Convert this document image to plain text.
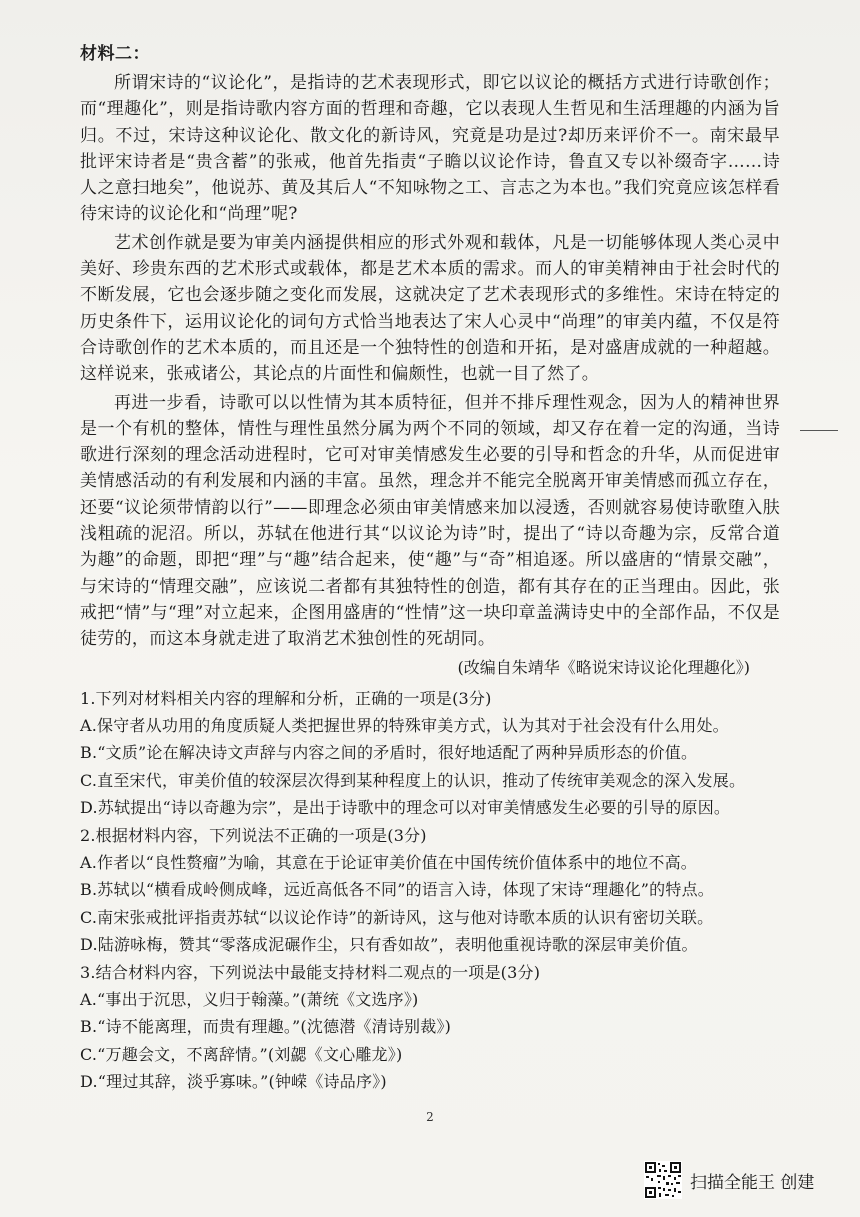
材料二：

所谓宋诗的“议论化”，是指诗的艺术表现形式，即它以议论的概括方式进行诗歌创作；而“理趣化”，则是指诗歌内容方面的哲理和奇趣，它以表现人生哲见和生活理趣的内涵为旨归。不过，宋诗这种议论化、散文化的新诗风，究竟是功是过?却历来评价不一。南宋最早批评宋诗者是“贵含蓄”的张戒，他首先指责“子瞻以议论作诗，鲁直又专以补缀奇字……诗人之意扫地矣”，他说苏、黄及其后人“不知咏物之工、言志之为本也。”我们究竟应该怎样看待宋诗的议论化和“尚理”呢?

艺术创作就是要为审美内涵提供相应的形式外观和载体，凡是一切能够体现人类心灵中美好、珍贵东西的艺术形式或载体，都是艺术本质的需求。而人的审美精神由于社会时代的不断发展，它也会逐步随之变化而发展，这就决定了艺术表现形式的多维性。宋诗在特定的历史条件下，运用议论化的词句方式恰当地表达了宋人心灵中“尚理”的审美内蕴，不仅是符合诗歌创作的艺术本质的，而且还是一个独特性的创造和开拓，是对盛唐成就的一种超越。这样说来，张戒诸公，其论点的片面性和偏颇性，也就一目了然了。

再进一步看，诗歌可以以性情为其本质特征，但并不排斥理性观念，因为人的精神世界是一个有机的整体，情性与理性虽然分属为两个不同的领域，却又存在着一定的沟通，当诗歌进行深刻的理念活动进程时，它可对审美情感发生必要的引导和哲念的升华，从而促进审美情感活动的有利发展和内涵的丰富。虽然，理念并不能完全脱离开审美情感而孤立存在，还要“议论须带情韵以行”——即理念必须由审美情感来加以浸透，否则就容易使诗歌堕入肤浅粗疏的泥沼。所以，苏轼在他进行其“以议论为诗”时，提出了“诗以奇趣为宗，反常合道为趣”的命题，即把“理”与“趣”结合起来，使“趣”与“奇”相追逐。所以盛唐的“情景交融”，与宋诗的“情理交融”，应该说二者都有其独特性的创造，都有其存在的正当理由。因此，张戒把“情”与“理”对立起来，企图用盛唐的“性情”这一块印章盖满诗史中的全部作品，不仅是徒劳的，而这本身就走进了取消艺术独创性的死胡同。

(改编自朱靖华《略说宋诗议论化理趣化》)

1.下列对材料相关内容的理解和分析，正确的一项是(3分)

A.保守者从功用的角度质疑人类把握世界的特殊审美方式，认为其对于社会没有什么用处。

B.“文质”论在解决诗文声辞与内容之间的矛盾时，很好地适配了两种异质形态的价值。

C.直至宋代，审美价值的较深层次得到某种程度上的认识，推动了传统审美观念的深入发展。

D.苏轼提出“诗以奇趣为宗”，是出于诗歌中的理念可以对审美情感发生必要的引导的原因。

2.根据材料内容，下列说法不正确的一项是(3分)

A.作者以“良性赘瘤”为喻，其意在于论证审美价值在中国传统价值体系中的地位不高。

B.苏轼以“横看成岭侧成峰，远近高低各不同”的语言入诗，体现了宋诗“理趣化”的特点。

C.南宋张戒批评指责苏轼“以议论作诗”的新诗风，这与他对诗歌本质的认识有密切关联。

D.陆游咏梅，赞其“零落成泥碾作尘，只有香如故”，表明他重视诗歌的深层审美价值。

3.结合材料内容，下列说法中最能支持材料二观点的一项是(3分)

A.“事出于沉思，义归于翰藻。”(萧统《文选序》)

B.“诗不能离理，而贵有理趣。”(沈德潜《清诗别裁》)

C.“万趣会文，不离辞情。”(刘勰《文心雕龙》)

D.“理过其辞，淡乎寡味。”(钟嵘《诗品序》)

2
扫描全能王 创建
